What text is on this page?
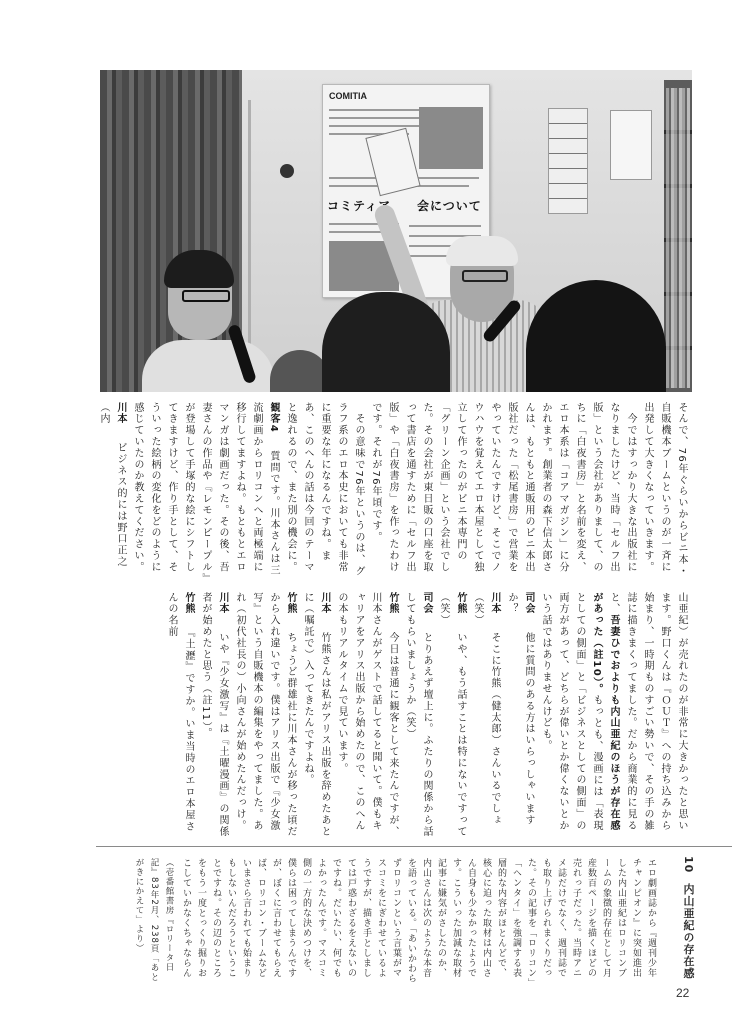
COMITIA
コミティア　　会について
そんで、76年ぐらいからビニ本・自販機本ブームというのが一斉に出発して大きくなっていきます。
　今ではすっかり大きな出版社になりましたけど、当時「セルフ出版」という会社がありまして、のちに「白夜書房」と名前を変え、エロ本系は「コアマガジン」に分かれます。創業者の森下信太郎さんは、もともと通販用のビニ本出版社だった「松尾書房」で営業をやっていたんですけど、そこでノウハウを覚えてエロ本屋として独立して作ったのがビニ本専門の「グリーン企画」という会社でした。その会社が東日販の口座を取って書店を通すために「セルフ出版」や「白夜書房」を作ったわけです。それが76年頃です。
　その意味で76年というのは、グラフ系のエロ本史においても非常に重要な年になるんですね。まあ、このへんの話は今回のテーマと逸れるので、また別の機会に。
観客4　質問です。川本さんは三流劇画からロリコンへと両極端に移行してますよね。もともとエロマンガは劇画だった。その後、吾妻さんの作品や『レモンピープル』が登場して手塚的な絵にシフトしてきますけど、作り手として、そういった絵柄の変化をどのように感じていたのか教えてください。
川本　ビジネス的には野口正之（内
山亜紀）が売れたのが非常に大きかったと思います。野口くんは『ＯＵＴ』への持ち込みから始まり、一時期ものすごい勢いで、その手の雑誌に描きまくってました。だから商業的に見ると、吾妻ひでおよりも内山亜紀のほうが存在感があった（註10）。もっとも、漫画には「表現としての側面」と「ビジネスとしての側面」の両方があって、どちらが偉いとか偉くないとかいう話ではありませんけども。
司会　他に質問のある方はいらっしゃいますか？
川本　そこに竹熊（健太郎）さんいるでしょ（笑）
竹熊　いや、もう話すことは特にないですって（笑）
司会　とりあえず壇上に。ふたりの関係から話してもらいましょうか（笑）
竹熊　今日は普通に観客として来たんですが、川本さんがゲストで話してると聞いて。僕もキャリアをアリス出版から始めたので、このへんの本もリアルタイムで見ています。
川本　竹熊さんは私がアリス出版を辞めたあとに（嘱託で）入ってきたんですよね。
竹熊　ちょうど群雄社に川本さんが移った頃だから入れ違いです。僕はアリス出版で『少女激写』という自販機本の編集をやってました。あれ（初代社長の）小向さんが始めたんだっけ。
川本　いや『少女激写』は『土曜漫画』の関係者が始めたと思う（註11）。
竹熊　『土瀝』ですか。いま当時のエロ本屋さんの名前
10　内山亜紀の存在感
エロ劇画誌から『週刊少年チャンピオン』に突如進出した内山亜紀はロリコンブームの象徴的存在として月産数百ページを描くほどの売れっ子だった。当時アニメ誌だけでなく、週刊誌でも取り上げられまくりだった。その記事を「ロリコン」「ヘンタイ」を強調する表層的な内容がほとんどで、核心に迫った取材は内山さん自身も少なかったようです。こういった加減な取材記事に嫌気がさしたのか、内山さんは次のような本音を語っている。「あいかわらずロリコンという言葉がマスコミをにぎわせているようですが、描き手としましては戸惑わざるをえないのですね。だいたい、何でもよかったんです。マスコミ側の一方的な決めつけを、僕らは困ってしまうんですが、ぼくに言わせてもらえば、ロリコン・ブームなどいまさら言われても始まりもしないんだろうということですね。その辺のところをもう一度とっくり掘りおこしていかなくちゃならん
（壱番館書房『ロリータ日記』83年2月、238頁「あとがきにかえて」より）
22
